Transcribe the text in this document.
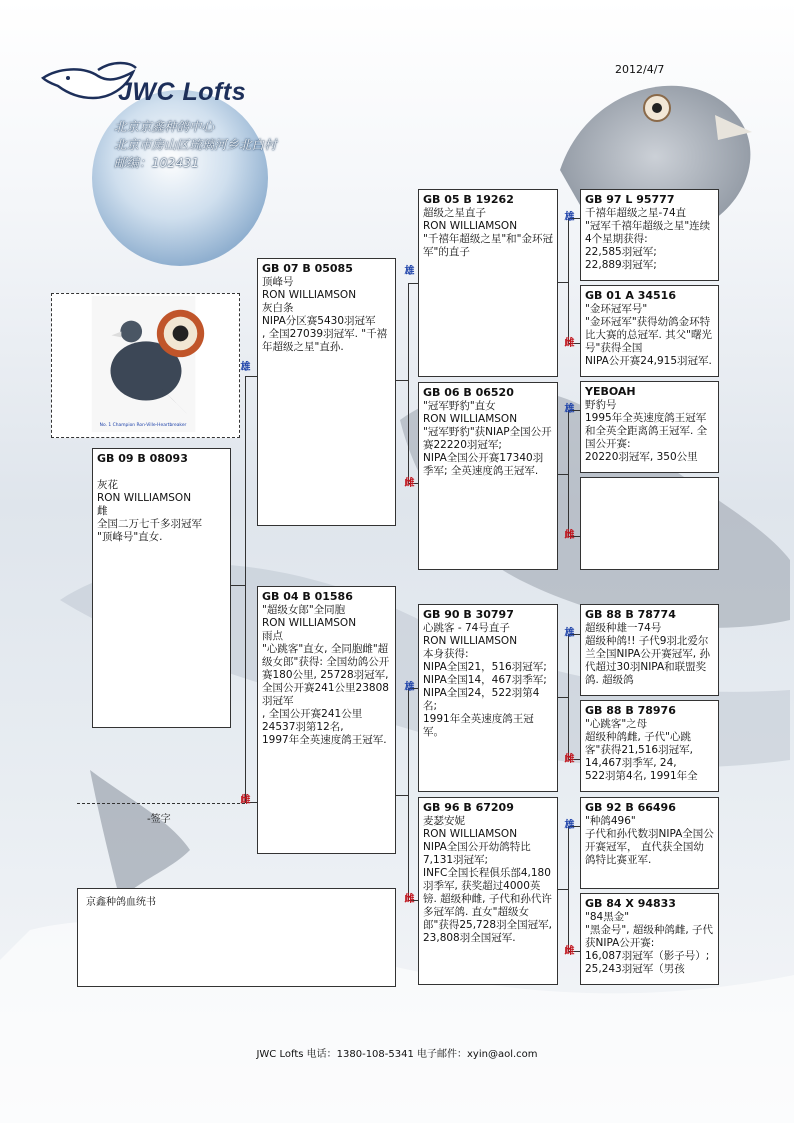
JWC Lofts
北京京鑫种鸽中心
北京市房山区琉璃河乡北白村
邮编：102431
2012/4/7
No. 1 Champion Ron-Ville-Heartbreaker
雄
雌
雄
雌
雄
雌
雄
雌
雄
雌
雄
雌
雄
雌
GB 09 B 08093

灰花
RON WILLIAMSON
雌
全国二万七千多羽冠军
"顶峰号"直女.
GB 07 B 05085
顶峰号
RON WILLIAMSON
灰白条
NIPA分区赛5430羽冠军
, 全国27039羽冠军. "千禧年超级之星"直孙.
GB 04 B 01586
"超级女郎"全同胞
RON WILLIAMSON
雨点
"心跳客"直女, 全同胞雌"超级女郎"获得: 全国幼鸽公开赛180公里, 25728羽冠军, 全国公开赛241公里23808羽冠军
, 全国公开赛241公里24537羽第12名,
1997年全英速度鸽王冠军.
GB 05 B 19262
超级之星直子
RON WILLIAMSON
"千禧年超级之星"和"金环冠军"的直子
GB 06 B 06520
"冠军野豹"直女
RON WILLIAMSON
"冠军野豹"获NIAP全国公开赛22220羽冠军;
NIPA全国公开赛17340羽季军; 全英速度鸽王冠军.
GB 90 B 30797
心跳客 - 74号直子
RON WILLIAMSON
本身获得:
NIPA全国21，516羽冠军;
NIPA全国14，467羽季军;
NIPA全国24，522羽第4名;
1991年全英速度鸽王冠军。
GB 96 B 67209
麦瑟安妮
RON WILLIAMSON
NIPA全国公开幼鸽特比7,131羽冠军;
INFC全国长程俱乐部4,180羽季军, 获奖超过4000英镑. 超级种雌, 子代和孙代许多冠军鸽. 直女"超级女郎"获得25,728羽全国冠军, 23,808羽全国冠军.
GB 97 L 95777
千禧年超级之星-74直
"冠军千禧年超级之星"连续4个星期获得:
22,585羽冠军;
22,889羽冠军;
GB 01 A 34516
"金环冠军号"
"金环冠军"获得幼鸽金环特比大赛的总冠军. 其父"曙光号"获得全国
NIPA公开赛24,915羽冠军.
YEBOAH
野豹号
1995年全英速度鸽王冠军和全英全距离鸽王冠军. 全国公开赛:
20220羽冠军, 350公里
GB 88 B 78774
超级种雄一74号
超级种鸽!! 子代9羽北爱尔兰全国NIPA公开赛冠军, 孙代超过30羽NIPA和联盟奖鸽. 超级鸽
GB 88 B 78976
"心跳客"之母
超级种鸽雌, 子代"心跳客"获得21,516羽冠军,
14,467羽季军, 24,
522羽第4名, 1991年全
GB 92 B 66496
"种鸽496"
子代和孙代数羽NIPA全国公开赛冠军， 直代获全国幼鸽特比赛亚军.
GB 84 X 94833
"84黑金"
"黑金号", 超级种鸽雌, 子代获NIPA公开赛:
16,087羽冠军（影子号）; 25,243羽冠军（男孩
-签字
京鑫种鸽血统书
JWC Lofts 电话：1380-108-5341 电子邮件：xyin@aol.com
